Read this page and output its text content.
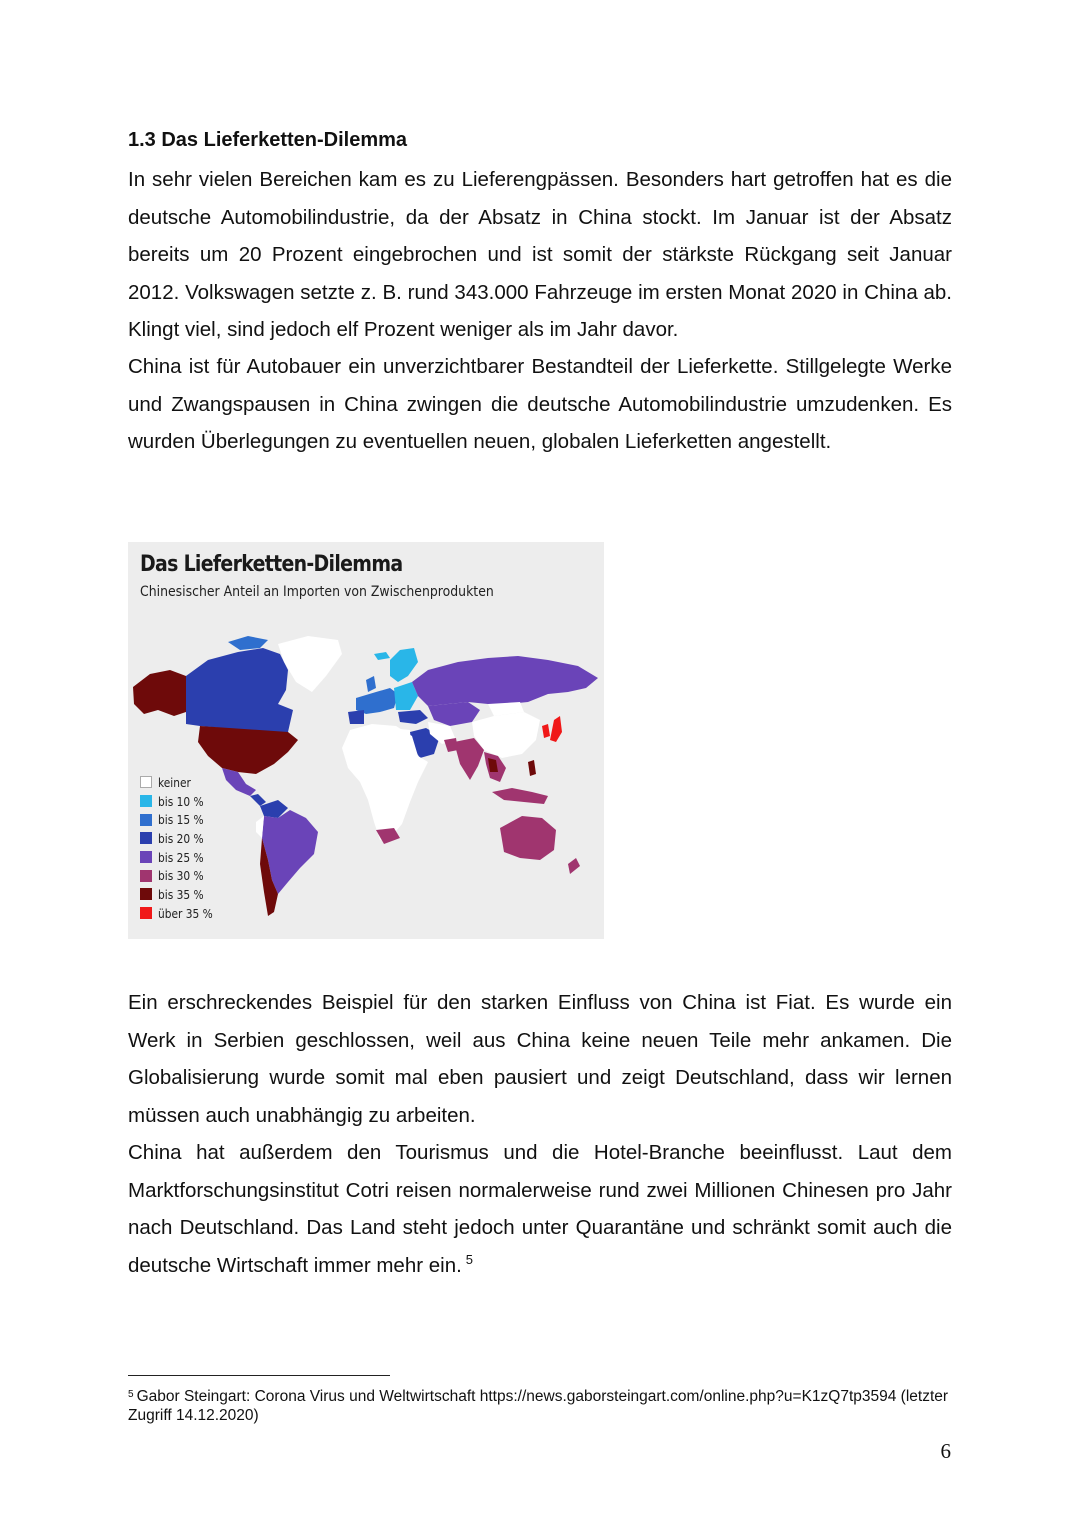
1.3 Das Lieferketten-Dilemma

In sehr vielen Bereichen kam es zu Lieferengpässen. Besonders hart getroffen hat es die deutsche Automobilindustrie, da der Absatz in China stockt. Im Januar ist der Absatz bereits um 20 Prozent eingebrochen und ist somit der stärkste Rückgang seit Januar 2012. Volkswagen setzte z. B. rund 343.000 Fahrzeuge im ersten Monat 2020 in China ab. Klingt viel, sind jedoch elf Prozent weniger als im Jahr davor.

China ist für Autobauer ein unverzichtbarer Bestandteil der Lieferkette. Stillgelegte Werke und Zwangspausen in China zwingen die deutsche Automobilindustrie umzudenken. Es wurden Überlegungen zu eventuellen neuen, globalen Lieferketten angestellt.

Das Lieferketten-Dilemma

Chinesischer Anteil an Importen von Zwischenprodukten

keiner
bis 10 %
bis 15 %
bis 20 %
bis 25 %
bis 30 %
bis 35 %
über 35 %

Ein erschreckendes Beispiel für den starken Einfluss von China ist Fiat. Es wurde ein Werk in Serbien geschlossen, weil aus China keine neuen Teile mehr ankamen. Die Globalisierung wurde somit mal eben pausiert und zeigt Deutschland, dass wir lernen müssen auch unabhängig zu arbeiten.

China hat außerdem den Tourismus und die Hotel-Branche beeinflusst. Laut dem Marktforschungsinstitut Cotri reisen normalerweise rund zwei Millionen Chinesen pro Jahr nach Deutschland. Das Land steht jedoch unter Quarantäne und schränkt somit auch die deutsche Wirtschaft immer mehr ein. $^5$

$^5$ Gabor Steingart: Corona Virus und Weltwirtschaft https://news.gaborsteingart.com/online.php?u=K1zQ7tp3594 (letzter Zugriff 14.12.2020)

6
